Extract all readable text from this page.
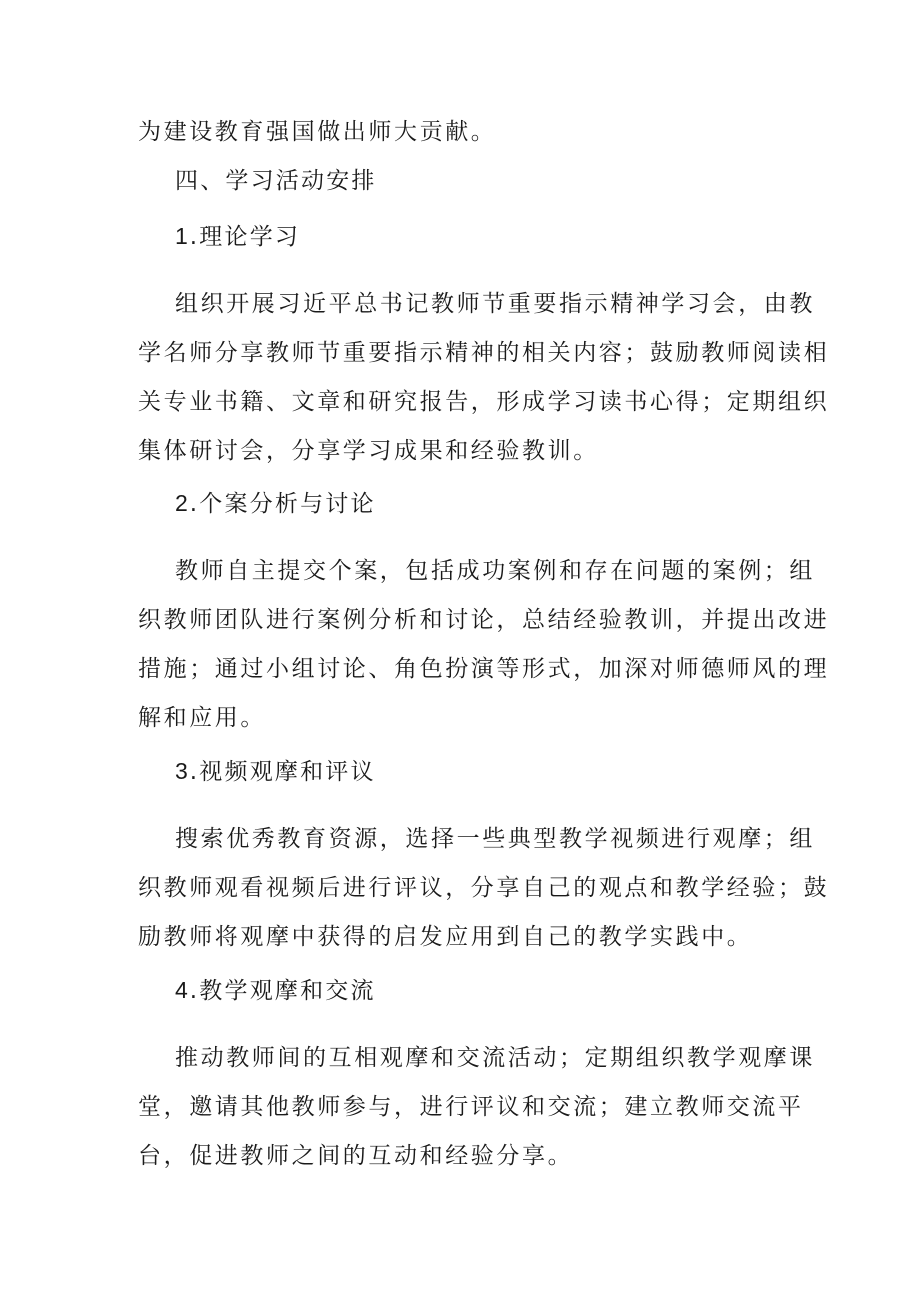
为建设教育强国做出师大贡献。
四、学习活动安排
1.理论学习
组织开展习近平总书记教师节重要指示精神学习会，由教
学名师分享教师节重要指示精神的相关内容；鼓励教师阅读相
关专业书籍、文章和研究报告，形成学习读书心得；定期组织
集体研讨会，分享学习成果和经验教训。
2.个案分析与讨论
教师自主提交个案，包括成功案例和存在问题的案例；组
织教师团队进行案例分析和讨论，总结经验教训，并提出改进
措施；通过小组讨论、角色扮演等形式，加深对师德师风的理
解和应用。
3.视频观摩和评议
搜索优秀教育资源，选择一些典型教学视频进行观摩；组
织教师观看视频后进行评议，分享自己的观点和教学经验；鼓
励教师将观摩中获得的启发应用到自己的教学实践中。
4.教学观摩和交流
推动教师间的互相观摩和交流活动；定期组织教学观摩课
堂，邀请其他教师参与，进行评议和交流；建立教师交流平
台，促进教师之间的互动和经验分享。
